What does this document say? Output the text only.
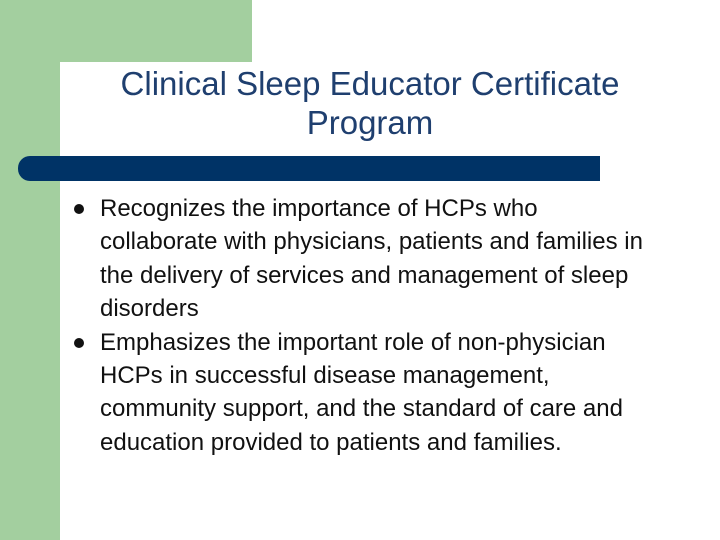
Clinical Sleep Educator Certificate Program
Recognizes the importance of HCPs who collaborate with physicians, patients and families in the delivery of services and management of sleep disorders
Emphasizes the important role of non-physician HCPs in successful disease management, community support, and the standard of care and education provided to patients and families.
